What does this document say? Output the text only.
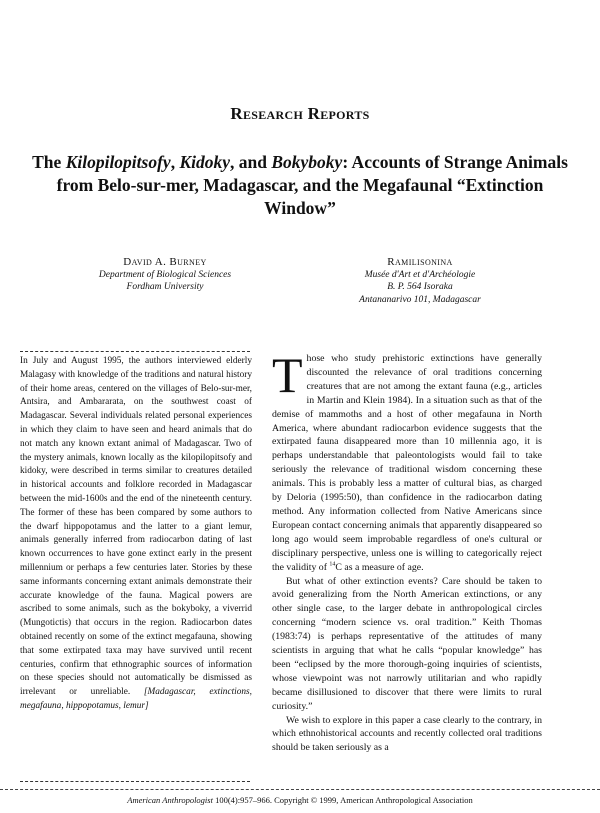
Research Reports
The Kilopilopitsofy, Kidoky, and Bokyboky: Accounts of Strange Animals from Belo-sur-mer, Madagascar, and the Megafaunal “Extinction Window”
David A. Burney
Department of Biological Sciences
Fordham University
Ramilisonina
Musée d'Art et d'Archéologie
B. P. 564 Isoraka
Antananarivo 101, Madagascar

In July and August 1995, the authors interviewed elderly Malagasy with knowledge of the traditions and natural history of their home areas, centered on the villages of Belo-sur-mer, Antsira, and Ambararata, on the southwest coast of Madagascar. Several individuals related personal experiences in which they claim to have seen and heard animals that do not match any known extant animal of Madagascar. Two of the mystery animals, known locally as the kilopilopitsofy and kidoky, were described in terms similar to creatures detailed in historical accounts and folklore recorded in Madagascar between the mid-1600s and the end of the nineteenth century. The former of these has been compared by some authors to the dwarf hippopotamus and the latter to a giant lemur, animals generally inferred from radiocarbon dating of last known occurrences to have gone extinct early in the present millennium or perhaps a few centuries later. Stories by these same informants concerning extant animals demonstrate their accurate knowledge of the fauna. Magical powers are ascribed to some animals, such as the bokyboky, a viverrid (Mungotictis) that occurs in the region. Radiocarbon dates obtained recently on some of the extinct megafauna, showing that some extirpated taxa may have survived until recent centuries, confirm that ethnographic sources of information on these species should not automatically be dismissed as irrelevant or unreliable. [Madagascar, extinctions, megafauna, hippopotamus, lemur]

Those who study prehistoric extinctions have generally discounted the relevance of oral traditions concerning creatures that are not among the extant fauna (e.g., articles in Martin and Klein 1984). In a situation such as that of the demise of mammoths and a host of other megafauna in North America, where abundant radiocarbon evidence suggests that the extirpated fauna disappeared more than 10 millennia ago, it is perhaps understandable that paleontologists would fail to take seriously the relevance of traditional wisdom concerning these animals. This is probably less a matter of cultural bias, as charged by Deloria (1995:50), than confidence in the radiocarbon dating method. Any information collected from Native Americans since European contact concerning animals that apparently disappeared so long ago would seem improbable regardless of one's cultural or disciplinary perspective, unless one is willing to categorically reject the validity of $^{14}$C as a measure of age.

But what of other extinction events? Care should be taken to avoid generalizing from the North American extinctions, or any other single case, to the larger debate in anthropological circles concerning “modern science vs. oral tradition.” Keith Thomas (1983:74) is perhaps representative of the attitudes of many scientists in arguing that what he calls “popular knowledge” has been “eclipsed by the more thorough-going inquiries of scientists, whose viewpoint was not narrowly utilitarian and who rapidly became disillusioned to discover that there were limits to rural curiosity.”

We wish to explore in this paper a case clearly to the contrary, in which ethnohistorical accounts and recently collected oral traditions should be taken seriously as a

American Anthropologist 100(4):957–966. Copyright © 1999, American Anthropological Association
